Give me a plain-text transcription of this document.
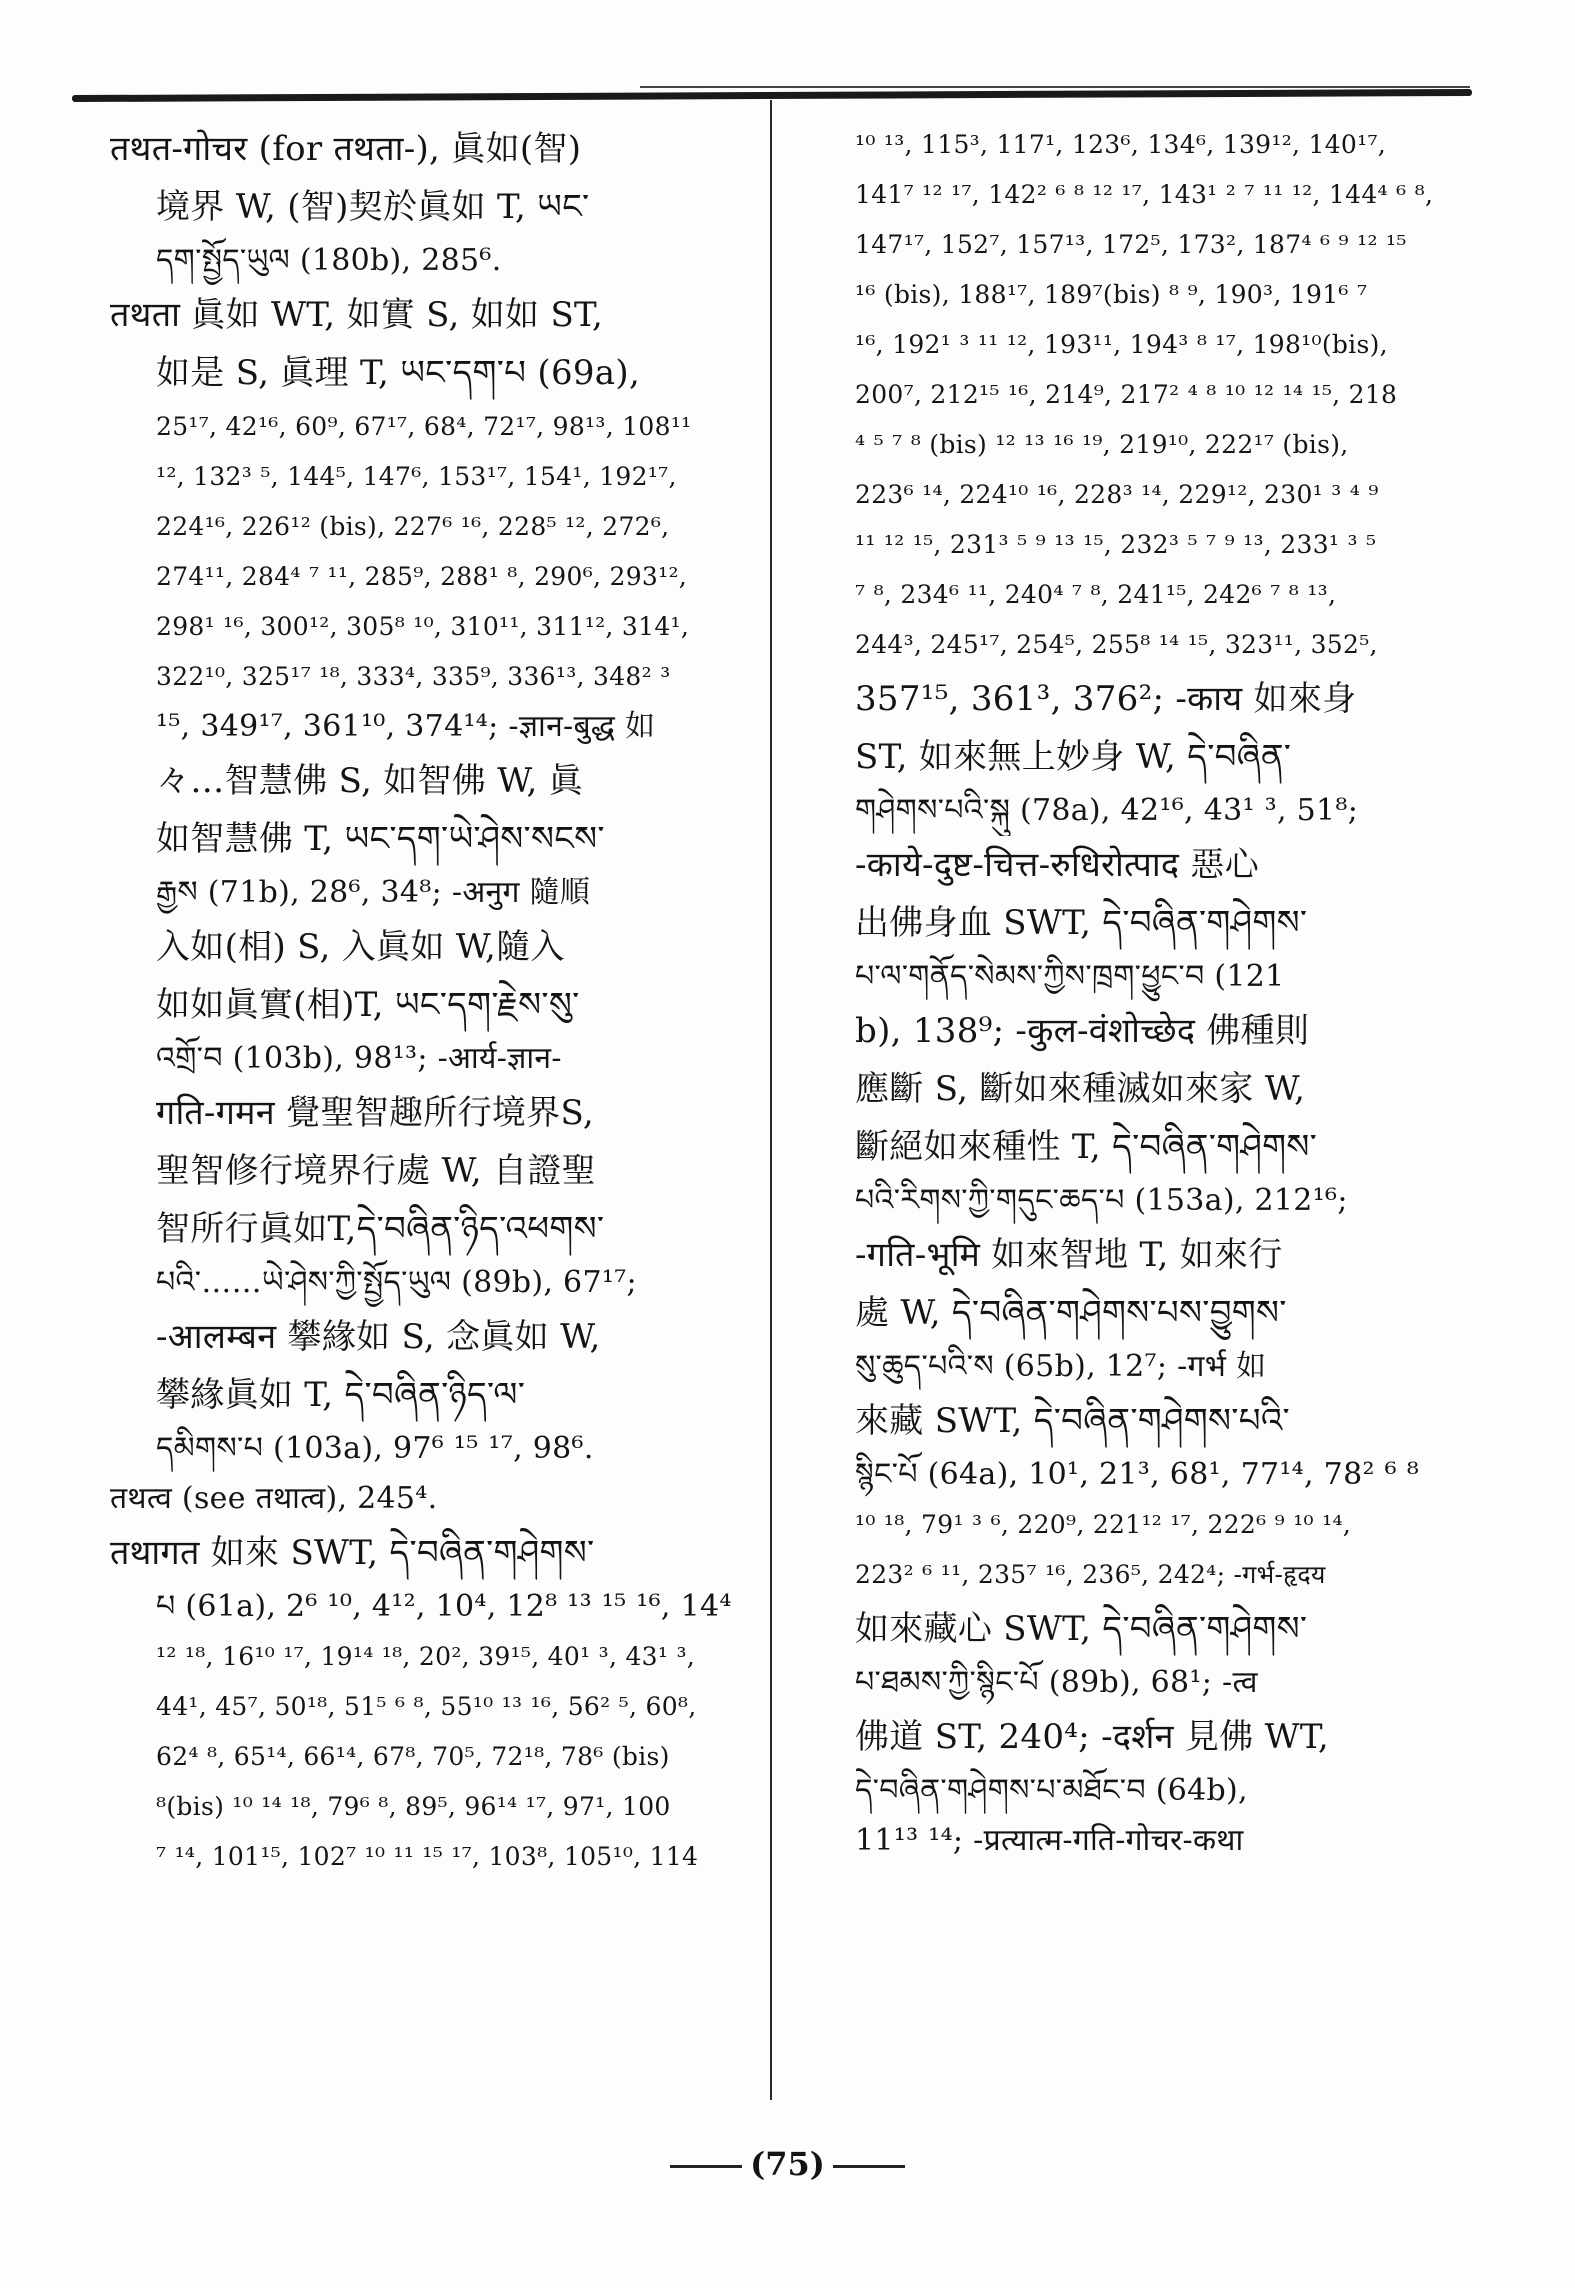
तथत-गोचर (for तथता-), 眞如(智)
境界 W, (智)契於眞如 T, ཡང་
དག་སྤྱོད་ཡུལ (180b), 285⁶.
तथता 眞如 WT, 如實 S, 如如 ST,
如是 S, 眞理 T, ཡང་དག་པ (69a),
25¹⁷, 42¹⁶, 60⁹, 67¹⁷, 68⁴, 72¹⁷, 98¹³, 108¹¹
¹², 132³ ⁵, 144⁵, 147⁶, 153¹⁷, 154¹, 192¹⁷,
224¹⁶, 226¹² (bis), 227⁶ ¹⁶, 228⁵ ¹², 272⁶,
274¹¹, 284⁴ ⁷ ¹¹, 285⁹, 288¹ ⁸, 290⁶, 293¹²,
298¹ ¹⁶, 300¹², 305⁸ ¹⁰, 310¹¹, 311¹², 314¹,
322¹⁰, 325¹⁷ ¹⁸, 333⁴, 335⁹, 336¹³, 348² ³
¹⁵, 349¹⁷, 361¹⁰, 374¹⁴; -ज्ञान-बुद्ध 如
々…智慧佛 S, 如智佛 W, 眞
如智慧佛 T, ཡང་དག་ཡེ་ཤེས་སངས་
རྒྱས (71b), 28⁶, 34⁸; -अनुग 隨順
入如(相) S, 入眞如 W,隨入
如如眞實(相)T, ཡང་དག་རྗེས་སུ་
འགྲོ་བ (103b), 98¹³; -आर्य-ज्ञान-
गति-गमन 覺聖智趣所行境界S,
聖智修行境界行處 W, 自證聖
智所行眞如T,དེ་བཞིན་ཉིད་འཕགས་
པའི་……ཡེ་ཤེས་ཀྱི་སྤྱོད་ཡུལ (89b), 67¹⁷;
-आलम्बन 攀緣如 S, 念眞如 W,
攀緣眞如 T, དེ་བཞིན་ཉིད་ལ་
དམིགས་པ (103a), 97⁶ ¹⁵ ¹⁷, 98⁶.
तथत्व (see तथात्व), 245⁴.
तथागत 如來 SWT, དེ་བཞིན་གཤེགས་
པ (61a), 2⁶ ¹⁰, 4¹², 10⁴, 12⁸ ¹³ ¹⁵ ¹⁶, 14⁴
¹² ¹⁸, 16¹⁰ ¹⁷, 19¹⁴ ¹⁸, 20², 39¹⁵, 40¹ ³, 43¹ ³,
44¹, 45⁷, 50¹⁸, 51⁵ ⁶ ⁸, 55¹⁰ ¹³ ¹⁶, 56² ⁵, 60⁸,
62⁴ ⁸, 65¹⁴, 66¹⁴, 67⁸, 70⁵, 72¹⁸, 78⁶ (bis)
⁸(bis) ¹⁰ ¹⁴ ¹⁸, 79⁶ ⁸, 89⁵, 96¹⁴ ¹⁷, 97¹, 100
⁷ ¹⁴, 101¹⁵, 102⁷ ¹⁰ ¹¹ ¹⁵ ¹⁷, 103⁸, 105¹⁰, 114
¹⁰ ¹³, 115³, 117¹, 123⁶, 134⁶, 139¹², 140¹⁷,
141⁷ ¹² ¹⁷, 142² ⁶ ⁸ ¹² ¹⁷, 143¹ ² ⁷ ¹¹ ¹², 144⁴ ⁶ ⁸,
147¹⁷, 152⁷, 157¹³, 172⁵, 173², 187⁴ ⁶ ⁹ ¹² ¹⁵
¹⁶ (bis), 188¹⁷, 189⁷(bis) ⁸ ⁹, 190³, 191⁶ ⁷
¹⁶, 192¹ ³ ¹¹ ¹², 193¹¹, 194³ ⁸ ¹⁷, 198¹⁰(bis),
200⁷, 212¹⁵ ¹⁶, 214⁹, 217² ⁴ ⁸ ¹⁰ ¹² ¹⁴ ¹⁵, 218
⁴ ⁵ ⁷ ⁸ (bis) ¹² ¹³ ¹⁶ ¹⁹, 219¹⁰, 222¹⁷ (bis),
223⁶ ¹⁴, 224¹⁰ ¹⁶, 228³ ¹⁴, 229¹², 230¹ ³ ⁴ ⁹
¹¹ ¹² ¹⁵, 231³ ⁵ ⁹ ¹³ ¹⁵, 232³ ⁵ ⁷ ⁹ ¹³, 233¹ ³ ⁵
⁷ ⁸, 234⁶ ¹¹, 240⁴ ⁷ ⁸, 241¹⁵, 242⁶ ⁷ ⁸ ¹³,
244³, 245¹⁷, 254⁵, 255⁸ ¹⁴ ¹⁵, 323¹¹, 352⁵,
357¹⁵, 361³, 376²; -काय 如來身
ST, 如來無上妙身 W, དེ་བཞིན་
གཤེགས་པའི་སྐུ (78a), 42¹⁶, 43¹ ³, 51⁸;
-काये-दुष्ट-चित्त-रुधिरोत्पाद 惡心
出佛身血 SWT, དེ་བཞིན་གཤེགས་
པ་ལ་གནོད་སེམས་ཀྱིས་ཁྲག་ཕྱུང་བ (121
b), 138⁹; -कुल-वंशोच्छेद 佛種則
應斷 S, 斷如來種滅如來家 W,
斷絕如來種性 T, དེ་བཞིན་གཤེགས་
པའི་རིགས་ཀྱི་གདུང་ཆད་པ (153a), 212¹⁶;
-गति-भूमि 如來智地 T, 如來行
處 W, དེ་བཞིན་གཤེགས་པས་བྱུགས་
སུ་ཆུད་པའི་ས (65b), 12⁷; -गर्भ 如
來藏 SWT, དེ་བཞིན་གཤེགས་པའི་
སྙིང་པོ (64a), 10¹, 21³, 68¹, 77¹⁴, 78² ⁶ ⁸
¹⁰ ¹⁸, 79¹ ³ ⁶, 220⁹, 221¹² ¹⁷, 222⁶ ⁹ ¹⁰ ¹⁴,
223² ⁶ ¹¹, 235⁷ ¹⁶, 236⁵, 242⁴; -गर्भ-हृदय
如來藏心 SWT, དེ་བཞིན་གཤེགས་
པ་ཐམས་ཀྱི་སྙིང་པོ (89b), 68¹; -त्व
佛道 ST, 240⁴; -दर्शन 見佛 WT,
དེ་བཞིན་གཤེགས་པ་མཐོང་བ (64b),
11¹³ ¹⁴; -प्रत्यात्म-गति-गोचर-कथा
(75)
